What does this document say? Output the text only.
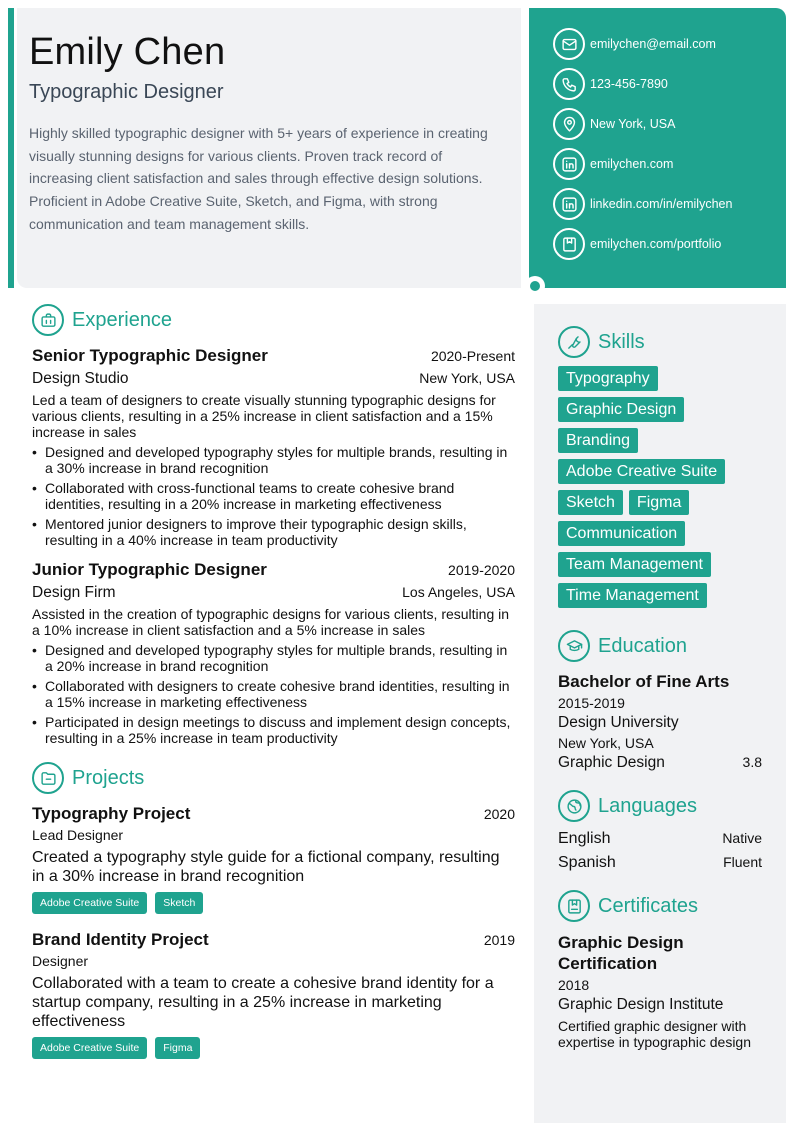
Emily Chen
Typographic Designer
Highly skilled typographic designer with 5+ years of experience in creating visually stunning designs for various clients. Proven track record of increasing client satisfaction and sales through effective design solutions. Proficient in Adobe Creative Suite, Sketch, and Figma, with strong communication and team management skills.
emilychen@email.com
123-456-7890
New York, USA
emilychen.com
linkedin.com/in/emilychen
emilychen.com/portfolio
Experience
Senior Typographic Designer	2020-Present
Design Studio	New York, USA
Led a team of designers to create visually stunning typographic designs for various clients, resulting in a 25% increase in client satisfaction and a 15% increase in sales
• Designed and developed typography styles for multiple brands, resulting in a 30% increase in brand recognition
• Collaborated with cross-functional teams to create cohesive brand identities, resulting in a 20% increase in marketing effectiveness
• Mentored junior designers to improve their typographic design skills, resulting in a 40% increase in team productivity
Junior Typographic Designer	2019-2020
Design Firm	Los Angeles, USA
Assisted in the creation of typographic designs for various clients, resulting in a 10% increase in client satisfaction and a 5% increase in sales
• Designed and developed typography styles for multiple brands, resulting in a 20% increase in brand recognition
• Collaborated with designers to create cohesive brand identities, resulting in a 15% increase in marketing effectiveness
• Participated in design meetings to discuss and implement design concepts, resulting in a 25% increase in team productivity
Projects
Typography Project	2020
Lead Designer
Created a typography style guide for a fictional company, resulting in a 30% increase in brand recognition
Adobe Creative Suite	Sketch
Brand Identity Project	2019
Designer
Collaborated with a team to create a cohesive brand identity for a startup company, resulting in a 25% increase in marketing effectiveness
Adobe Creative Suite	Figma
Skills
Typography
Graphic Design
Branding
Adobe Creative Suite
Sketch	Figma
Communication
Team Management
Time Management
Education
Bachelor of Fine Arts
2015-2019
Design University
New York, USA
Graphic Design	3.8
Languages
English	Native
Spanish	Fluent
Certificates
Graphic Design Certification
2018
Graphic Design Institute
Certified graphic designer with expertise in typographic design
